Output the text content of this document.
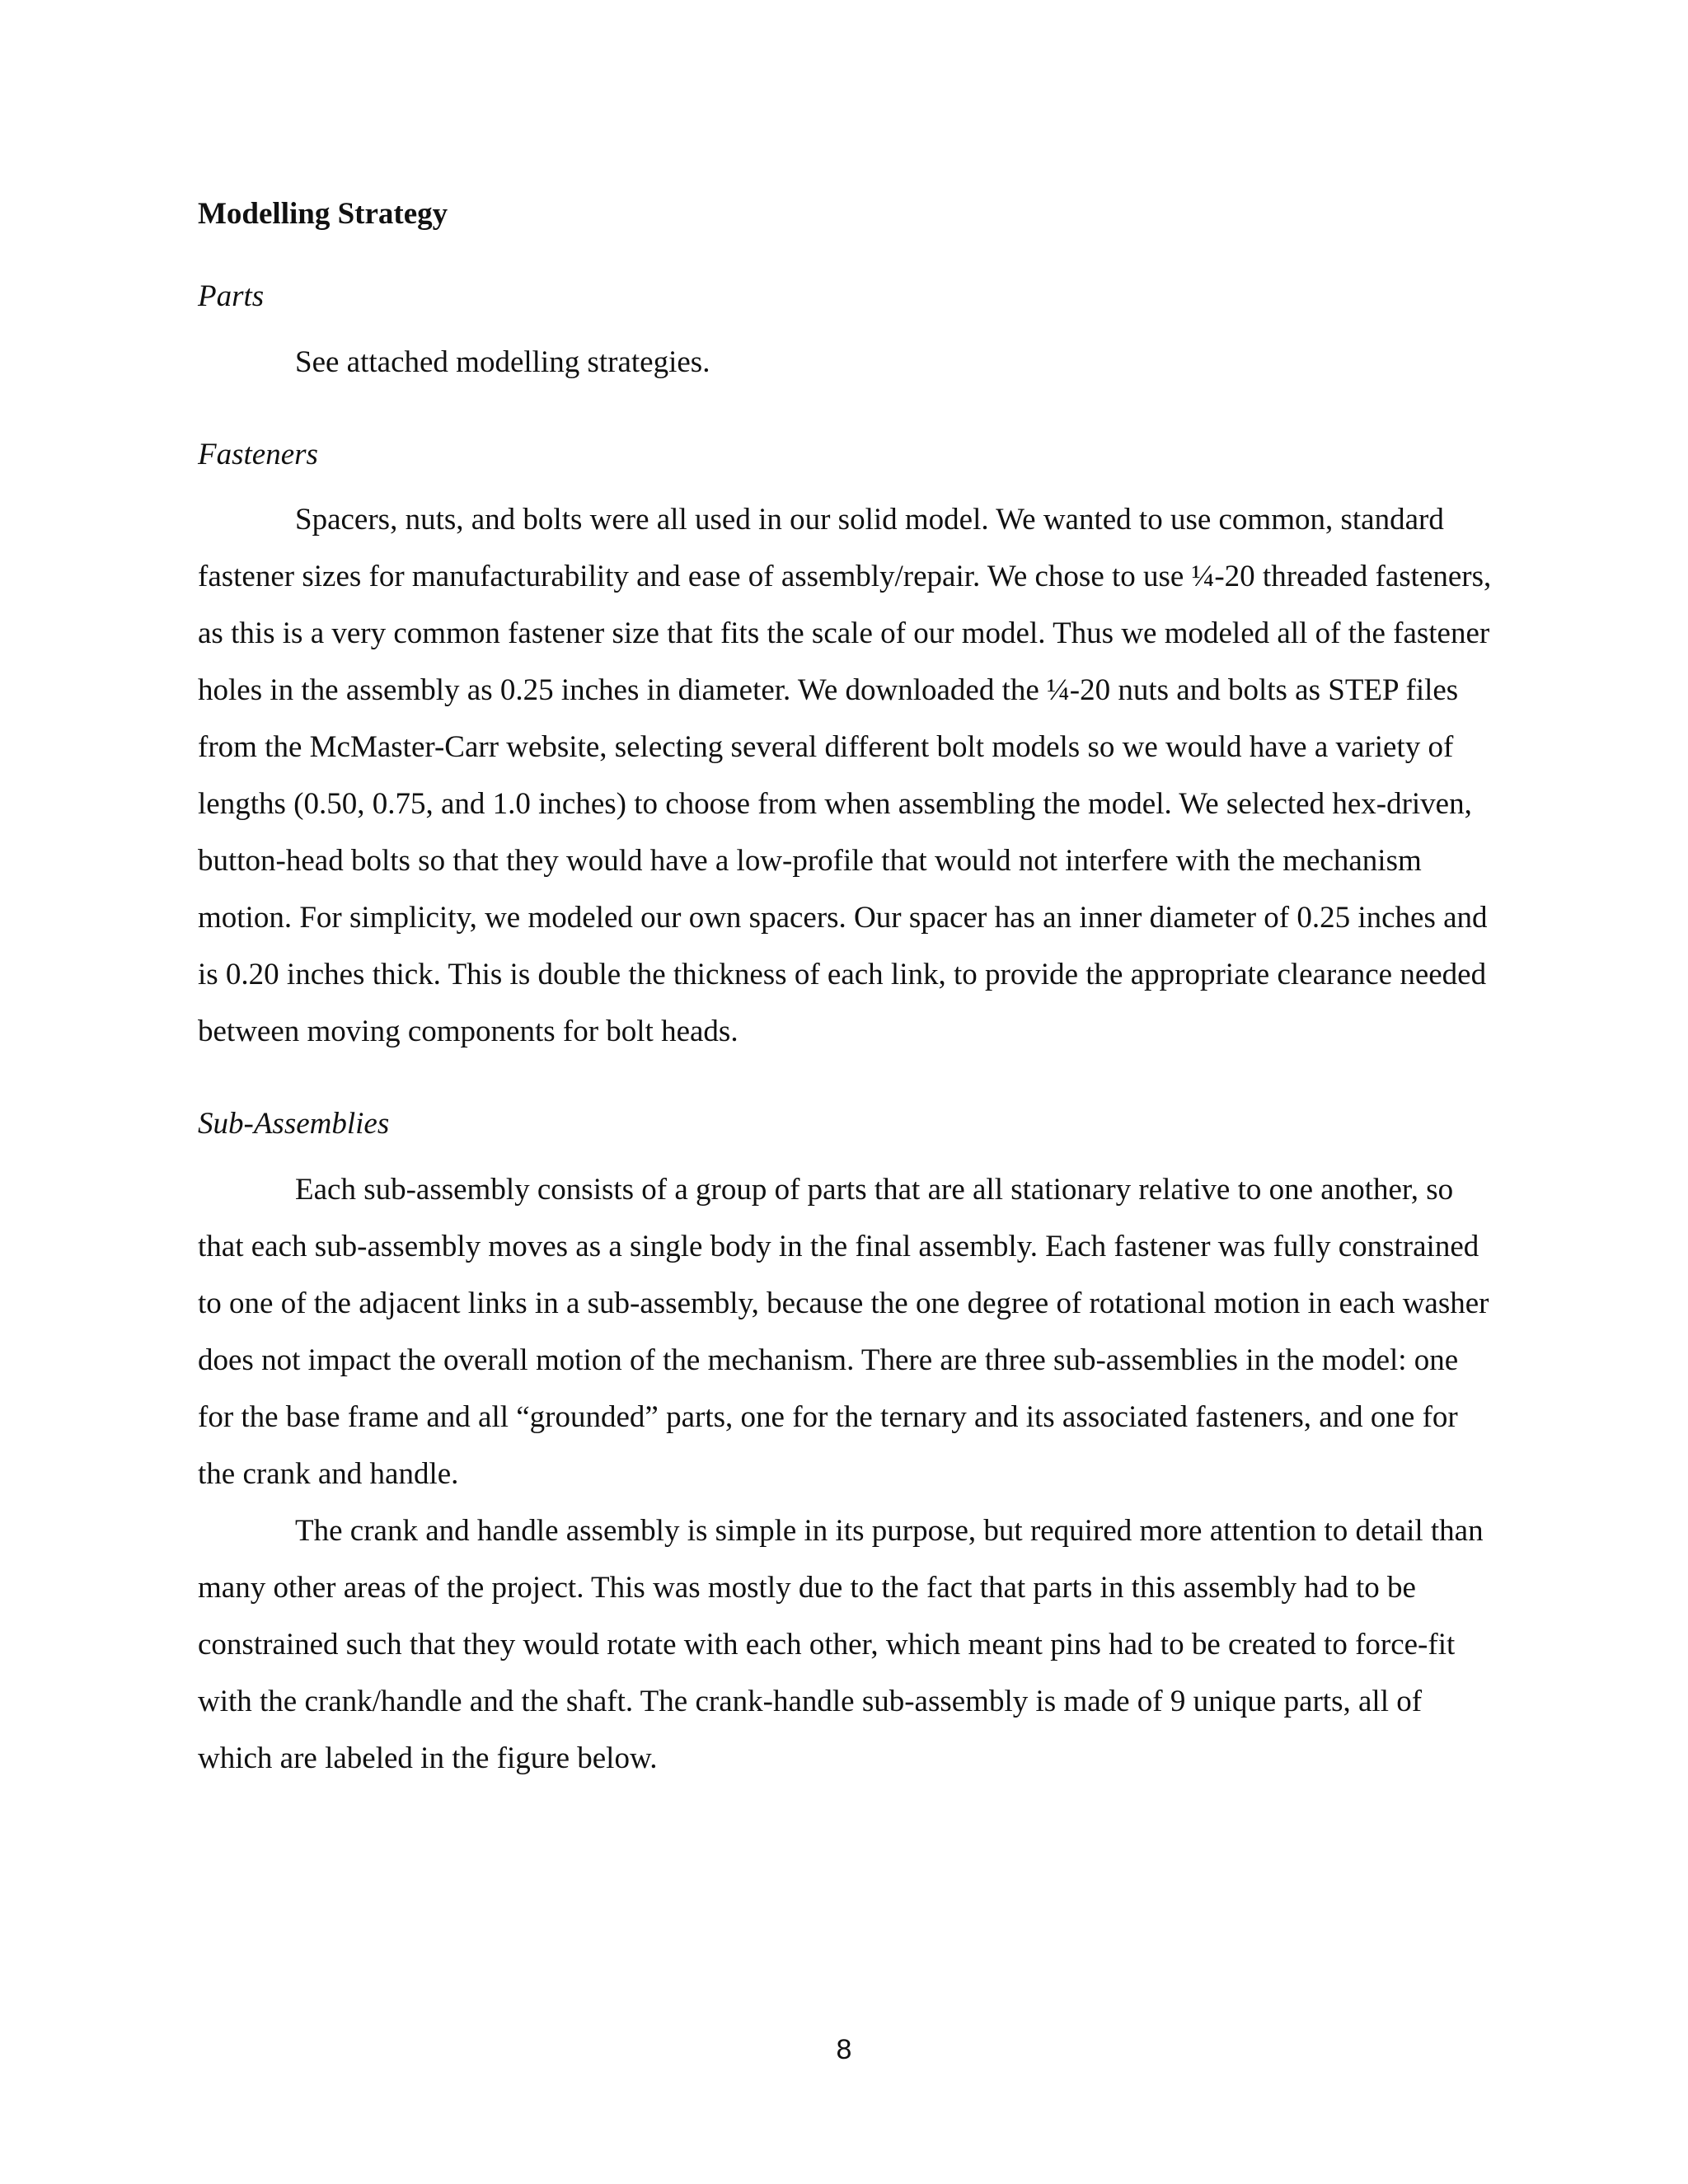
Modelling Strategy
Parts

See attached modelling strategies.

Fasteners

Spacers, nuts, and bolts were all used in our solid model. We wanted to use common, standard fastener sizes for manufacturability and ease of assembly/repair. We chose to use ¼-20 threaded fasteners, as this is a very common fastener size that fits the scale of our model. Thus we modeled all of the fastener holes in the assembly as 0.25 inches in diameter. We downloaded the ¼-20 nuts and bolts as STEP files from the McMaster-Carr website, selecting several different bolt models so we would have a variety of lengths (0.50, 0.75, and 1.0 inches) to choose from when assembling the model. We selected hex-driven, button-head bolts so that they would have a low-profile that would not interfere with the mechanism motion. For simplicity, we modeled our own spacers. Our spacer has an inner diameter of 0.25 inches and is 0.20 inches thick. This is double the thickness of each link, to provide the appropriate clearance needed between moving components for bolt heads.

Sub-Assemblies

Each sub-assembly consists of a group of parts that are all stationary relative to one another, so that each sub-assembly moves as a single body in the final assembly. Each fastener was fully constrained to one of the adjacent links in a sub-assembly, because the one degree of rotational motion in each washer does not impact the overall motion of the mechanism. There are three sub-assemblies in the model: one for the base frame and all “grounded” parts, one for the ternary and its associated fasteners, and one for the crank and handle.

The crank and handle assembly is simple in its purpose, but required more attention to detail than many other areas of the project. This was mostly due to the fact that parts in this assembly had to be constrained such that they would rotate with each other, which meant pins had to be created to force-fit with the crank/handle and the shaft. The crank-handle sub-assembly is made of 9 unique parts, all of which are labeled in the figure below.

8
